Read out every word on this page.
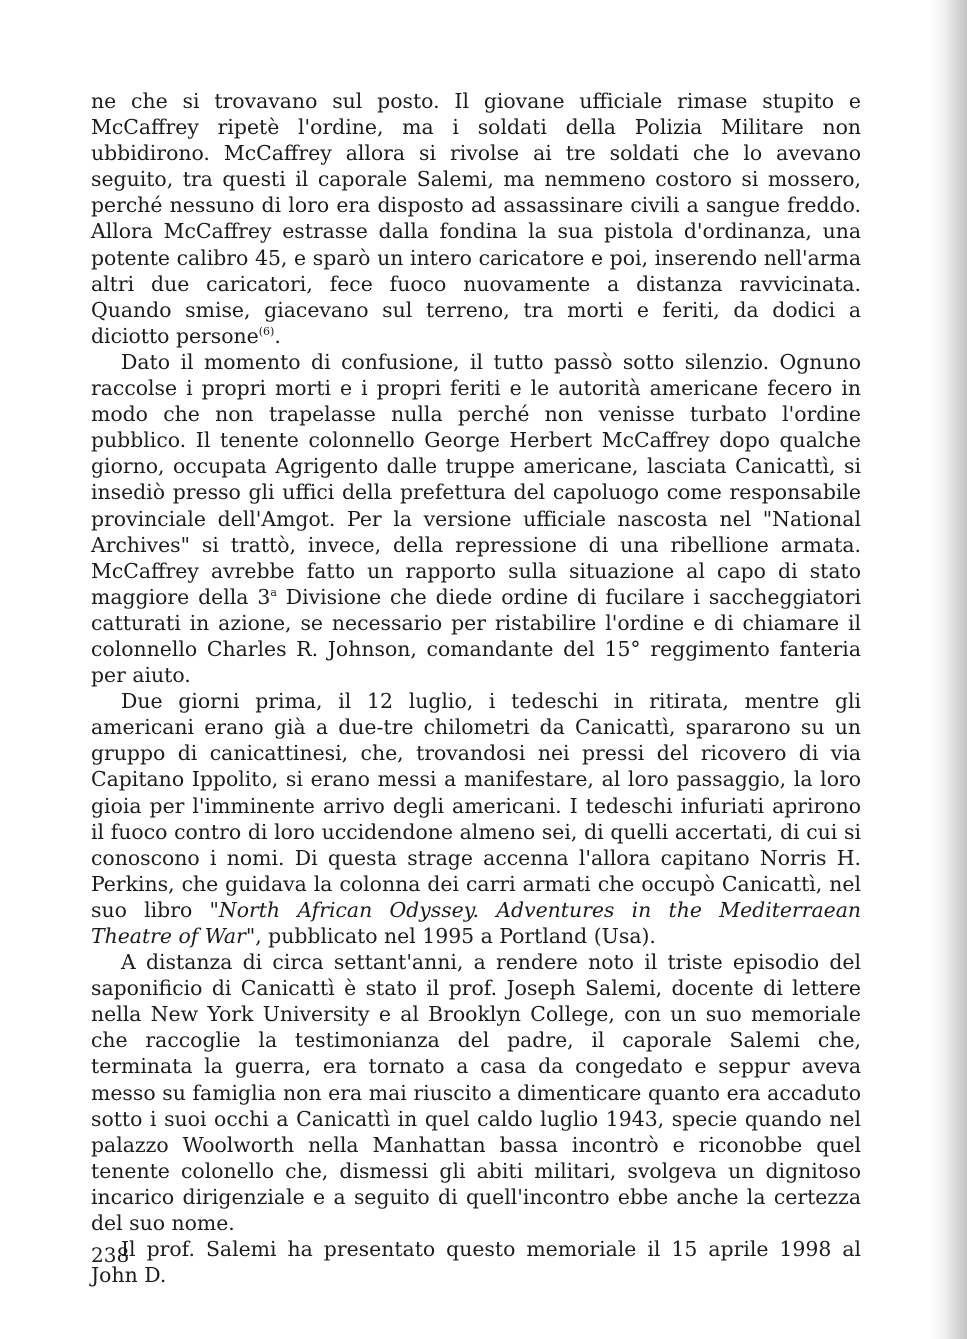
ne che si trovavano sul posto. Il giovane ufficiale rimase stupito e McCaffrey ripetè l'ordine, ma i soldati della Polizia Militare non ubbidirono. McCaffrey allora si rivolse ai tre soldati che lo avevano seguito, tra questi il caporale Salemi, ma nemmeno costoro si mossero, perché nessuno di loro era disposto ad assassinare civili a sangue freddo. Allora McCaffrey estrasse dalla fondina la sua pistola d'ordinanza, una potente calibro 45, e sparò un intero caricatore e poi, inserendo nell'arma altri due caricatori, fece fuoco nuovamente a distanza ravvicinata. Quando smise, giacevano sul terreno, tra morti e feriti, da dodici a diciotto persone$^{(6)}$.

Dato il momento di confusione, il tutto passò sotto silenzio. Ognuno raccolse i propri morti e i propri feriti e le autorità americane fecero in modo che non trapelasse nulla perché non venisse turbato l'ordine pubblico. Il tenente colonnello George Herbert McCaffrey dopo qualche giorno, occupata Agrigento dalle truppe americane, lasciata Canicattì, si insediò presso gli uffici della prefettura del capoluogo come responsabile provinciale dell'Amgot. Per la versione ufficiale nascosta nel "National Archives" si trattò, invece, della repressione di una ribellione armata. McCaffrey avrebbe fatto un rapporto sulla situazione al capo di stato maggiore della 3$^a$ Divisione che diede ordine di fucilare i saccheggiatori catturati in azione, se necessario per ristabilire l'ordine e di chiamare il colonnello Charles R. Johnson, comandante del 15° reggimento fanteria per aiuto.

Due giorni prima, il 12 luglio, i tedeschi in ritirata, mentre gli americani erano già a due-tre chilometri da Canicattì, spararono su un gruppo di canicattinesi, che, trovandosi nei pressi del ricovero di via Capitano Ippolito, si erano messi a manifestare, al loro passaggio, la loro gioia per l'imminente arrivo degli americani. I tedeschi infuriati aprirono il fuoco contro di loro uccidendone almeno sei, di quelli accertati, di cui si conoscono i nomi. Di questa strage accenna l'allora capitano Norris H. Perkins, che guidava la colonna dei carri armati che occupò Canicattì, nel suo libro "North African Odyssey. Adventures in the Mediterraean Theatre of War", pubblicato nel 1995 a Portland (Usa).

A distanza di circa settant'anni, a rendere noto il triste episodio del saponificio di Canicattì è stato il prof. Joseph Salemi, docente di lettere nella New York University e al Brooklyn College, con un suo memoriale che raccoglie la testimonianza del padre, il caporale Salemi che, terminata la guerra, era tornato a casa da congedato e seppur aveva messo su famiglia non era mai riuscito a dimenticare quanto era accaduto sotto i suoi occhi a Canicattì in quel caldo luglio 1943, specie quando nel palazzo Woolworth nella Manhattan bassa incontrò e riconobbe quel tenente colonello che, dismessi gli abiti militari, svolgeva un dignitoso incarico dirigenziale e a seguito di quell'incontro ebbe anche la certezza del suo nome.

Il prof. Salemi ha presentato questo memoriale il 15 aprile 1998 al John D.

238
